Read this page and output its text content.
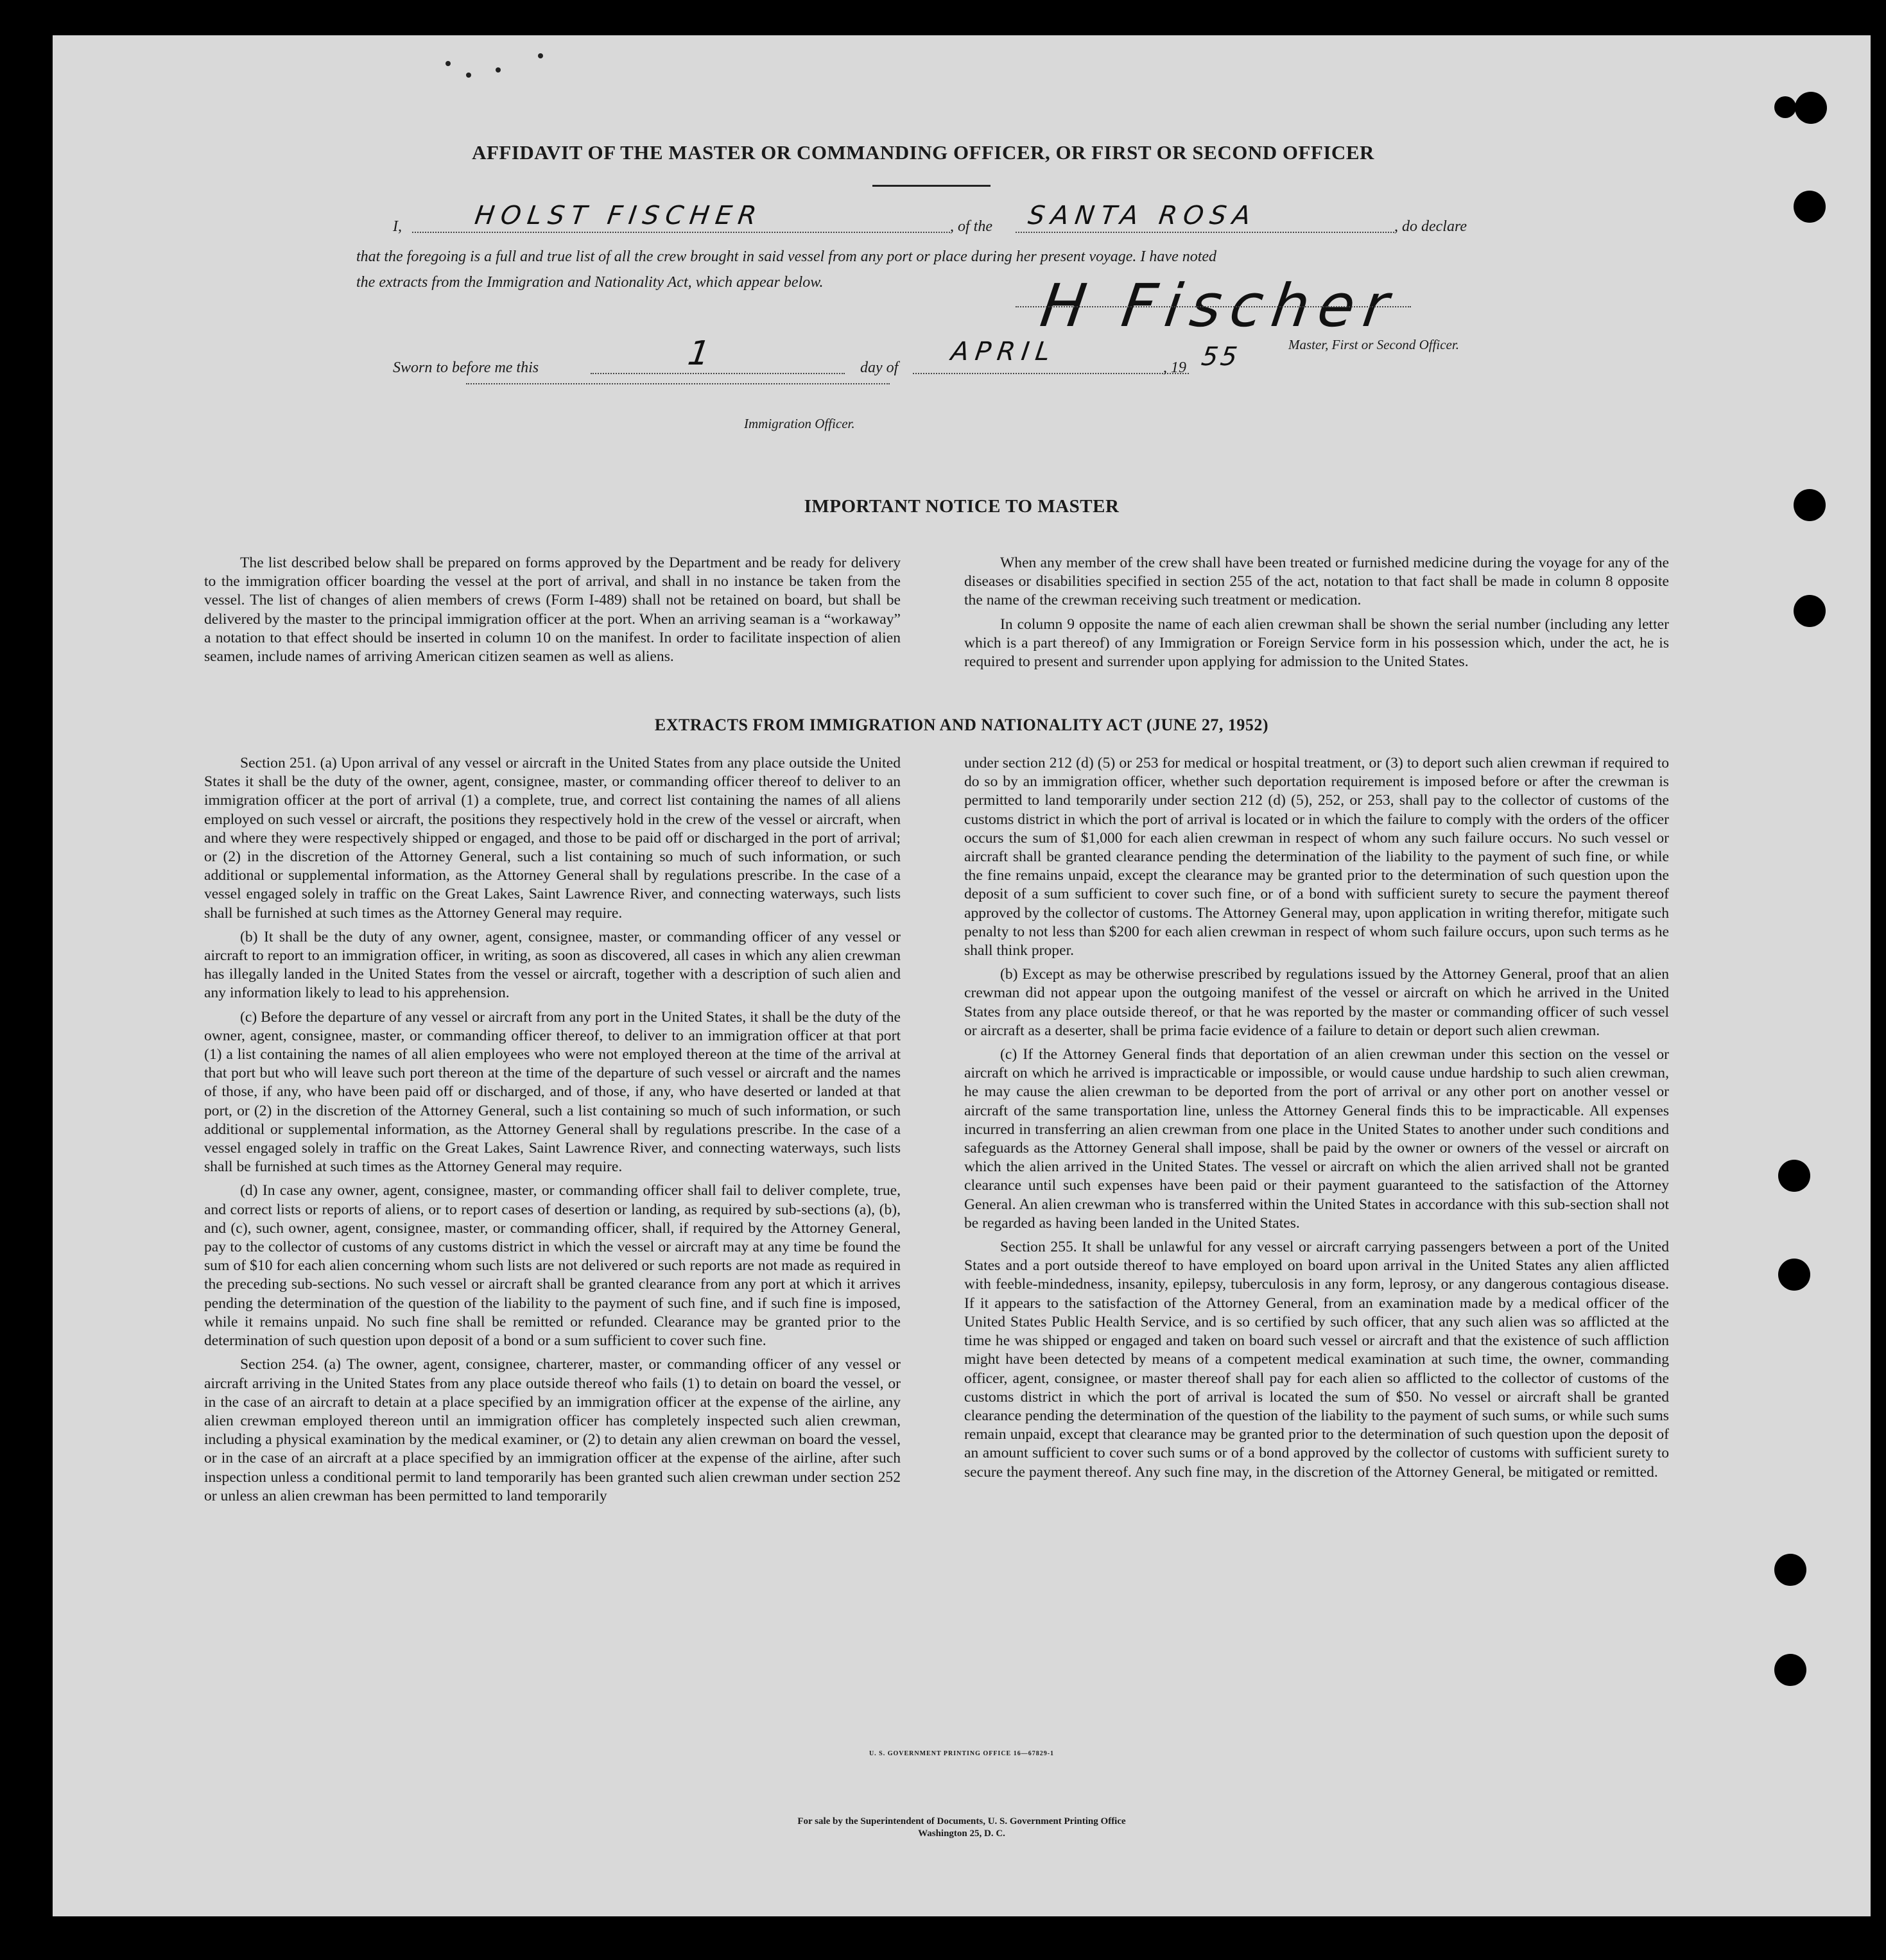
AFFIDAVIT OF THE MASTER OR COMMANDING OFFICER, OR FIRST OR SECOND OFFICER
I,	HOLST FISCHER	, of the SANTA ROSA	, do declare
that the foregoing is a full and true list of all the crew brought in said vessel from any port or place during her present voyage. I have noted
the extracts from the Immigration and Nationality Act, which appear below.	H Fischer
Master, First or Second Officer.
Sworn to before me this	1	day of
APRIL
, 19 55
Immigration Officer.
IMPORTANT NOTICE TO MASTER

The list described below shall be prepared on forms approved by the Department and be ready for delivery to the immigration officer boarding the vessel at the port of arrival, and shall in no instance be taken from the vessel. The list of changes of alien members of crews (Form I-489) shall not be retained on board, but shall be delivered by the master to the principal immigration officer at the port. When an arriving seaman is a “workaway” a notation to that effect should be inserted in column 10 on the manifest. In order to facilitate inspection of alien seamen, include names of arriving American citizen seamen as well as aliens.

When any member of the crew shall have been treated or furnished medicine during the voyage for any of the diseases or disabilities specified in section 255 of the act, notation to that fact shall be made in column 8 opposite the name of the crewman receiving such treatment or medication.

In column 9 opposite the name of each alien crewman shall be shown the serial number (including any letter which is a part thereof) of any Immigration or Foreign Service form in his possession which, under the act, he is required to present and surrender upon applying for admission to the United States.

EXTRACTS FROM IMMIGRATION AND NATIONALITY ACT (JUNE 27, 1952)

Section 251. (a) Upon arrival of any vessel or aircraft in the United States from any place outside the United States it shall be the duty of the owner, agent, consignee, master, or commanding officer thereof to deliver to an immigration officer at the port of arrival (1) a complete, true, and correct list containing the names of all aliens employed on such vessel or aircraft, the positions they respectively hold in the crew of the vessel or aircraft, when and where they were respectively shipped or engaged, and those to be paid off or discharged in the port of arrival; or (2) in the discretion of the Attorney General, such a list containing so much of such information, or such additional or supplemental information, as the Attorney General shall by regulations prescribe. In the case of a vessel engaged solely in traffic on the Great Lakes, Saint Lawrence River, and connecting waterways, such lists shall be furnished at such times as the Attorney General may require.

(b) It shall be the duty of any owner, agent, consignee, master, or commanding officer of any vessel or aircraft to report to an immigration officer, in writing, as soon as discovered, all cases in which any alien crewman has illegally landed in the United States from the vessel or aircraft, together with a description of such alien and any information likely to lead to his apprehension.

(c) Before the departure of any vessel or aircraft from any port in the United States, it shall be the duty of the owner, agent, consignee, master, or commanding officer thereof, to deliver to an immigration officer at that port (1) a list containing the names of all alien employees who were not employed thereon at the time of the arrival at that port but who will leave such port thereon at the time of the departure of such vessel or aircraft and the names of those, if any, who have been paid off or discharged, and of those, if any, who have deserted or landed at that port, or (2) in the discretion of the Attorney General, such a list containing so much of such information, or such additional or supplemental information, as the Attorney General shall by regulations prescribe. In the case of a vessel engaged solely in traffic on the Great Lakes, Saint Lawrence River, and connecting waterways, such lists shall be furnished at such times as the Attorney General may require.

(d) In case any owner, agent, consignee, master, or commanding officer shall fail to deliver complete, true, and correct lists or reports of aliens, or to report cases of desertion or landing, as required by sub-sections (a), (b), and (c), such owner, agent, consignee, master, or commanding officer, shall, if required by the Attorney General, pay to the collector of customs of any customs district in which the vessel or aircraft may at any time be found the sum of $10 for each alien concerning whom such lists are not delivered or such reports are not made as required in the preceding sub-sections. No such vessel or aircraft shall be granted clearance from any port at which it arrives pending the determination of the question of the liability to the payment of such fine, and if such fine is imposed, while it remains unpaid. No such fine shall be remitted or refunded. Clearance may be granted prior to the determination of such question upon deposit of a bond or a sum sufficient to cover such fine.

Section 254. (a) The owner, agent, consignee, charterer, master, or commanding officer of any vessel or aircraft arriving in the United States from any place outside thereof who fails (1) to detain on board the vessel, or in the case of an aircraft to detain at a place specified by an immigration officer at the expense of the airline, any alien crewman employed thereon until an immigration officer has completely inspected such alien crewman, including a physical examination by the medical examiner, or (2) to detain any alien crewman on board the vessel, or in the case of an aircraft at a place specified by an immigration officer at the expense of the airline, after such inspection unless a conditional permit to land temporarily has been granted such alien crewman under section 252 or unless an alien crewman has been permitted to land temporarily

under section 212 (d) (5) or 253 for medical or hospital treatment, or (3) to deport such alien crewman if required to do so by an immigration officer, whether such deportation requirement is imposed before or after the crewman is permitted to land temporarily under section 212 (d) (5), 252, or 253, shall pay to the collector of customs of the customs district in which the port of arrival is located or in which the failure to comply with the orders of the officer occurs the sum of $1,000 for each alien crewman in respect of whom any such failure occurs. No such vessel or aircraft shall be granted clearance pending the determination of the liability to the payment of such fine, or while the fine remains unpaid, except the clearance may be granted prior to the determination of such question upon the deposit of a sum sufficient to cover such fine, or of a bond with sufficient surety to secure the payment thereof approved by the collector of customs. The Attorney General may, upon application in writing therefor, mitigate such penalty to not less than $200 for each alien crewman in respect of whom such failure occurs, upon such terms as he shall think proper.

(b) Except as may be otherwise prescribed by regulations issued by the Attorney General, proof that an alien crewman did not appear upon the outgoing manifest of the vessel or aircraft on which he arrived in the United States from any place outside thereof, or that he was reported by the master or commanding officer of such vessel or aircraft as a deserter, shall be prima facie evidence of a failure to detain or deport such alien crewman.

(c) If the Attorney General finds that deportation of an alien crewman under this section on the vessel or aircraft on which he arrived is impracticable or impossible, or would cause undue hardship to such alien crewman, he may cause the alien crewman to be deported from the port of arrival or any other port on another vessel or aircraft of the same transportation line, unless the Attorney General finds this to be impracticable. All expenses incurred in transferring an alien crewman from one place in the United States to another under such conditions and safeguards as the Attorney General shall impose, shall be paid by the owner or owners of the vessel or aircraft on which the alien arrived in the United States. The vessel or aircraft on which the alien arrived shall not be granted clearance until such expenses have been paid or their payment guaranteed to the satisfaction of the Attorney General. An alien crewman who is transferred within the United States in accordance with this sub-section shall not be regarded as having been landed in the United States.

Section 255. It shall be unlawful for any vessel or aircraft carrying passengers between a port of the United States and a port outside thereof to have employed on board upon arrival in the United States any alien afflicted with feeble-mindedness, insanity, epilepsy, tuberculosis in any form, leprosy, or any dangerous contagious disease. If it appears to the satisfaction of the Attorney General, from an examination made by a medical officer of the United States Public Health Service, and is so certified by such officer, that any such alien was so afflicted at the time he was shipped or engaged and taken on board such vessel or aircraft and that the existence of such affliction might have been detected by means of a competent medical examination at such time, the owner, commanding officer, agent, consignee, or master thereof shall pay for each alien so afflicted to the collector of customs of the customs district in which the port of arrival is located the sum of $50. No vessel or aircraft shall be granted clearance pending the determination of the question of the liability to the payment of such sums, or while such sums remain unpaid, except that clearance may be granted prior to the determination of such question upon the deposit of an amount sufficient to cover such sums or of a bond approved by the collector of customs with sufficient surety to secure the payment thereof. Any such fine may, in the discretion of the Attorney General, be mitigated or remitted.

U. S. GOVERNMENT PRINTING OFFICE 16—67829-1
For sale by the Superintendent of Documents, U. S. Government Printing Office
Washington 25, D. C.
